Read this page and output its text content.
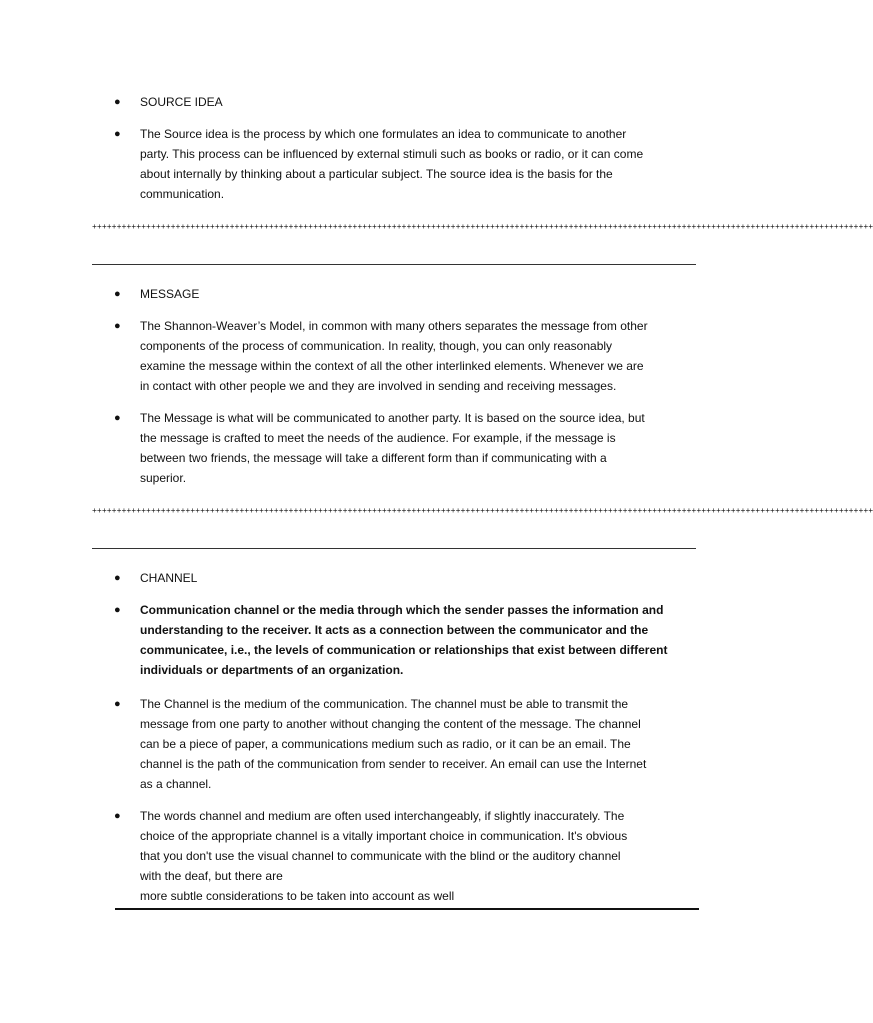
● SOURCE IDEA
● The Source idea is the process by which one formulates an idea to communicate to another
party. This process can be influenced by external stimuli such as books or radio, or it can come
about internally by thinking about a particular subject. The source idea is the basis for the
communication.
+++++++++++++++++++++++++++++++++++++++++++++++++++++++++++++++++++++++++++++++++++++++++++++++++++++++++++++++++++++++++++++++++++++++++++++++++++++++++++++++
● MESSAGE
● The Shannon-Weaver’s Model, in common with many others separates the message from other
components of the process of communication. In reality, though, you can only reasonably
examine the message within the context of all the other interlinked elements. Whenever we are
in contact with other people we and they are involved in sending and receiving messages.
● The Message is what will be communicated to another party. It is based on the source idea, but
the message is crafted to meet the needs of the audience. For example, if the message is
between two friends, the message will take a different form than if communicating with a
superior.
+++++++++++++++++++++++++++++++++++++++++++++++++++++++++++++++++++++++++++++++++++++++++++++++++++++++++++++++++++++++++++++++++++++++++++++++++++++++++++++++
● CHANNEL
● Communication channel or the media through which the sender passes the information and
understanding to the receiver. It acts as a connection between the communicator and the
communicatee, i.e., the levels of communication or relationships that exist between different
individuals or departments of an organization.
● The Channel is the medium of the communication. The channel must be able to transmit the
message from one party to another without changing the content of the message. The channel
can be a piece of paper, a communications medium such as radio, or it can be an email. The
channel is the path of the communication from sender to receiver. An email can use the Internet
as a channel.
● The words channel and medium are often used interchangeably, if slightly inaccurately. The
choice of the appropriate channel is a vitally important choice in communication. It's obvious
that you don't use the visual channel to communicate with the blind or the auditory channel
with the deaf, but there are
more subtle considerations to be taken into account as well
